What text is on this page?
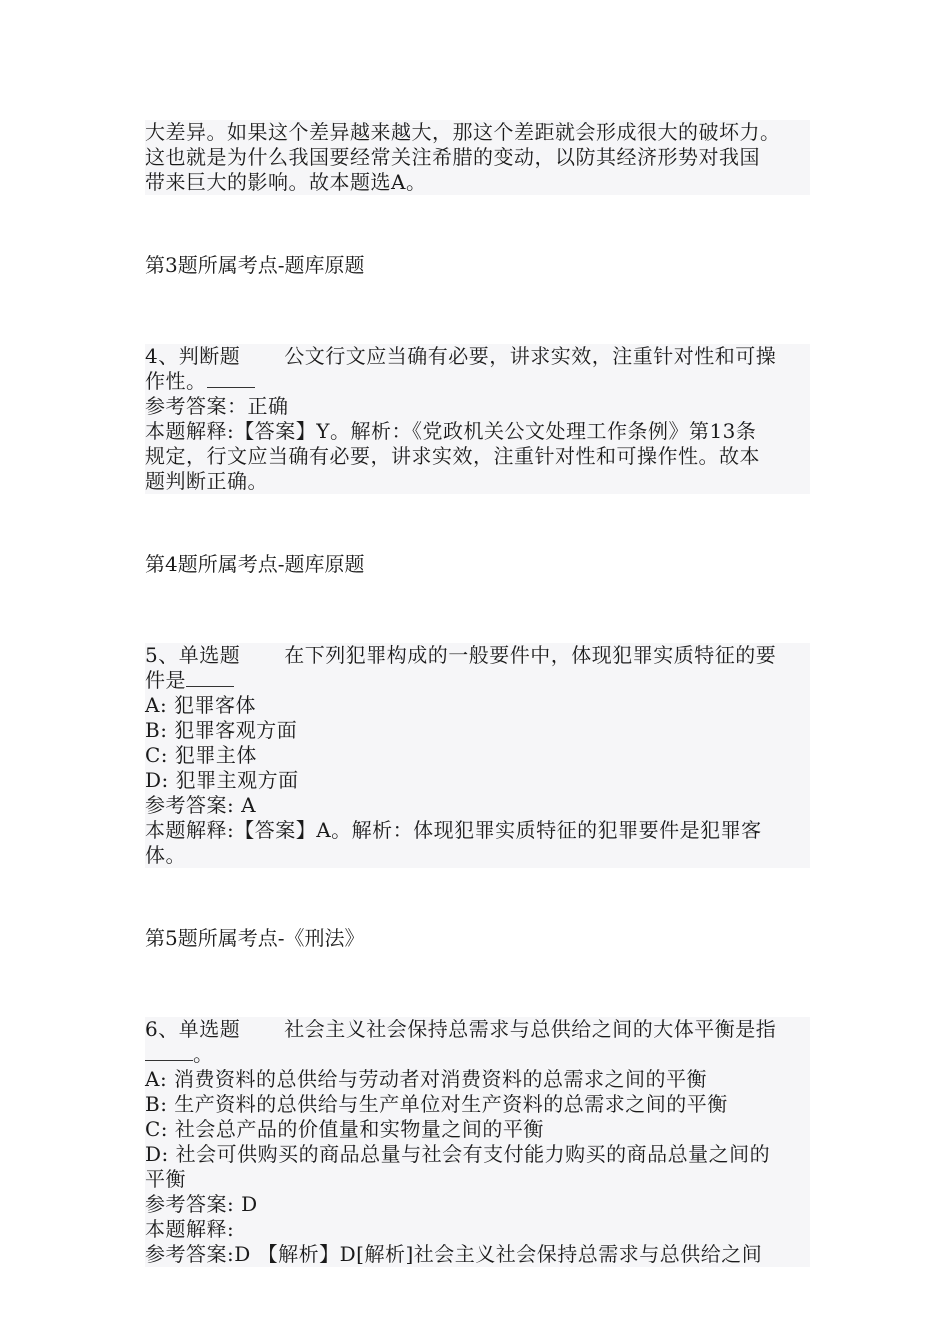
大差异。如果这个差异越来越大，那这个差距就会形成很大的破坏力。
这也就是为什么我国要经常关注希腊的变动，以防其经济形势对我国
带来巨大的影响。故本题选A。
第3题所属考点-题库原题
4、判断题 公文行文应当确有必要，讲求实效，注重针对性和可操
作性。
参考答案：正确
本题解释:【答案】Y。解析：《党政机关公文处理工作条例》第13条
规定，行文应当确有必要，讲求实效，注重针对性和可操作性。故本
题判断正确。
第4题所属考点-题库原题
5、单选题 在下列犯罪构成的一般要件中，体现犯罪实质特征的要
件是
A: 犯罪客体
B: 犯罪客观方面
C: 犯罪主体
D: 犯罪主观方面
参考答案: A
本题解释:【答案】A。解析：体现犯罪实质特征的犯罪要件是犯罪客
体。
第5题所属考点-《刑法》
6、单选题 社会主义社会保持总需求与总供给之间的大体平衡是指
。
A: 消费资料的总供给与劳动者对消费资料的总需求之间的平衡
B: 生产资料的总供给与生产单位对生产资料的总需求之间的平衡
C: 社会总产品的价值量和实物量之间的平衡
D: 社会可供购买的商品总量与社会有支付能力购买的商品总量之间的
平衡
参考答案: D
本题解释:
参考答案:D 【解析】D[解析]社会主义社会保持总需求与总供给之间
